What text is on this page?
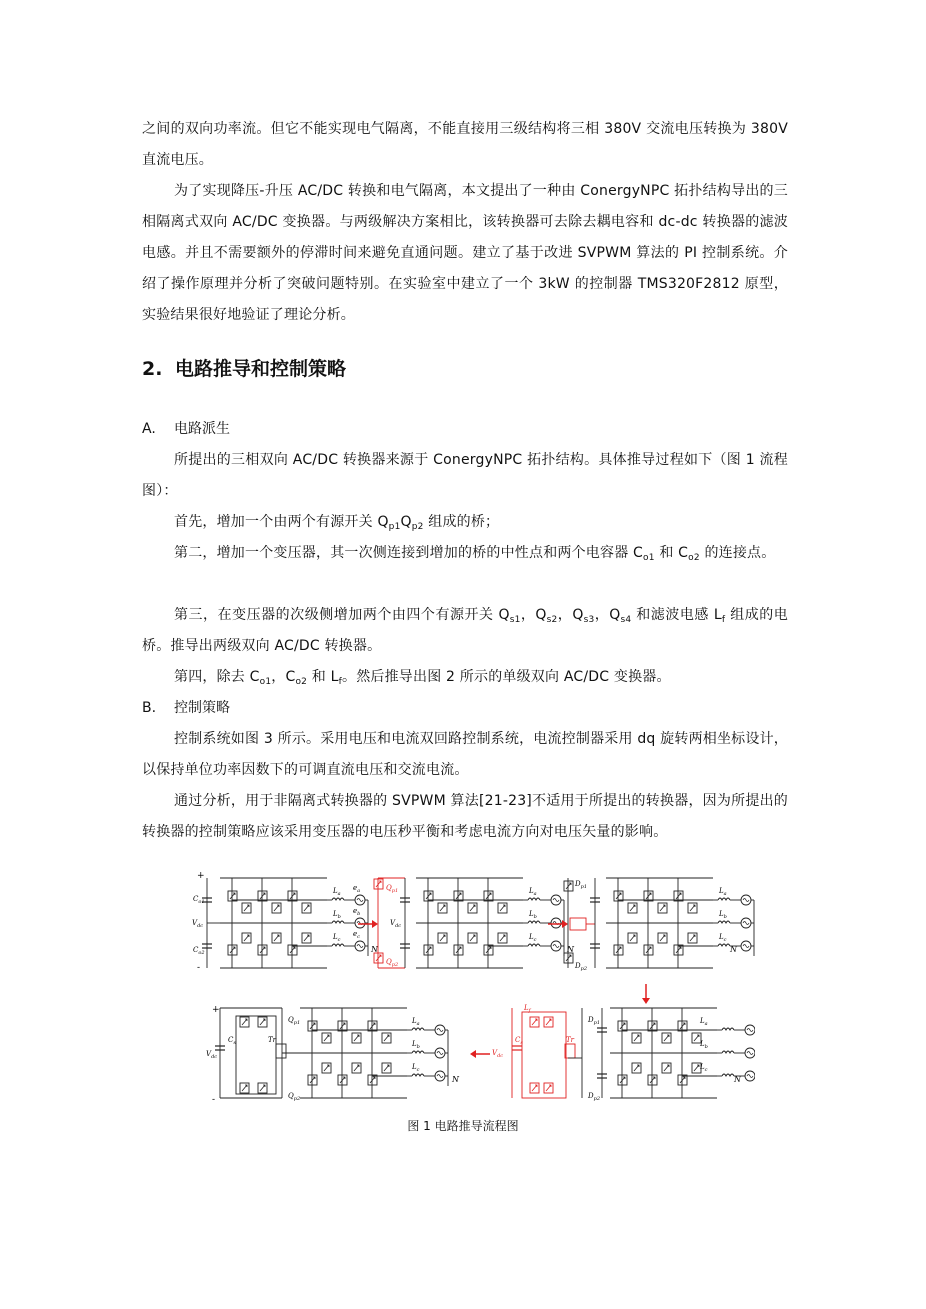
之间的双向功率流。但它不能实现电气隔离，不能直接用三级结构将三相 380V 交流电压转换为 380V 直流电压。

为了实现降压-升压 AC/DC 转换和电气隔离，本文提出了一种由 ConergyNPC 拓扑结构导出的三相隔离式双向 AC/DC 变换器。与两级解决方案相比，该转换器可去除去耦电容和 dc-dc 转换器的滤波电感。并且不需要额外的停滞时间来避免直通问题。建立了基于改进 SVPWM 算法的 PI 控制系统。介绍了操作原理并分析了突破问题特别。在实验室中建立了一个 3kW 的控制器 TMS320F2812 原型，实验结果很好地验证了理论分析。

2. 电路推导和控制策略

A. 电路派生

所提出的三相双向 AC/DC 转换器来源于 ConergyNPC 拓扑结构。具体推导过程如下（图 1 流程图）：

首先，增加一个由两个有源开关 $Q_{p1}Q_{p2}$ 组成的桥；

第二，增加一个变压器，其一次侧连接到增加的桥的中性点和两个电容器 $C_{o1}$ 和 $C_{o2}$ 的连接点。

第三，在变压器的次级侧增加两个由四个有源开关 $Q_{s1}$，$Q_{s2}$，$Q_{s3}$，$Q_{s4}$ 和滤波电感 $L_f$ 组成的电桥。推导出两级双向 AC/DC 转换器。

第四，除去 $C_{o1}$，$C_{o2}$ 和 $L_f$。然后推导出图 2 所示的单级双向 AC/DC 变换器。

B. 控制策略

控制系统如图 3 所示。采用电压和电流双回路控制系统，电流控制器采用 dq 旋转两相坐标设计，以保持单位功率因数下的可调直流电压和交流电流。

通过分析，用于非隔离式转换器的 SVPWM 算法[21-23]不适用于所提出的转换器，因为所提出的转换器的控制策略应该采用变压器的电压秒平衡和考虑电流方向对电压矢量的影响。

+
-
$V_{dc}$
$C_{o1}$
$C_{o2}$
$L_a$
$L_b$
$L_c$
$e_a$
$e_b$
$e_c$
N
$Q_{p1}$
$Q_{p2}$
$V_{dc}$
$L_a$
$L_b$
$L_c$
N
$D_{p1}$
$D_{p2}$
$L_a$
$L_b$
$L_c$
N
$V_{dc}$
$C_s$
$L_f$
Tr
$D_{p1}$
$D_{p2}$
$L_a$
$L_b$
$L_c$
N
+
-
$V_{dc}$
$C_s$	Tr
$Q_{p1}$
$Q_{p2}$
$L_a$
$L_b$
$L_c$
N
图 1 电路推导流程图
